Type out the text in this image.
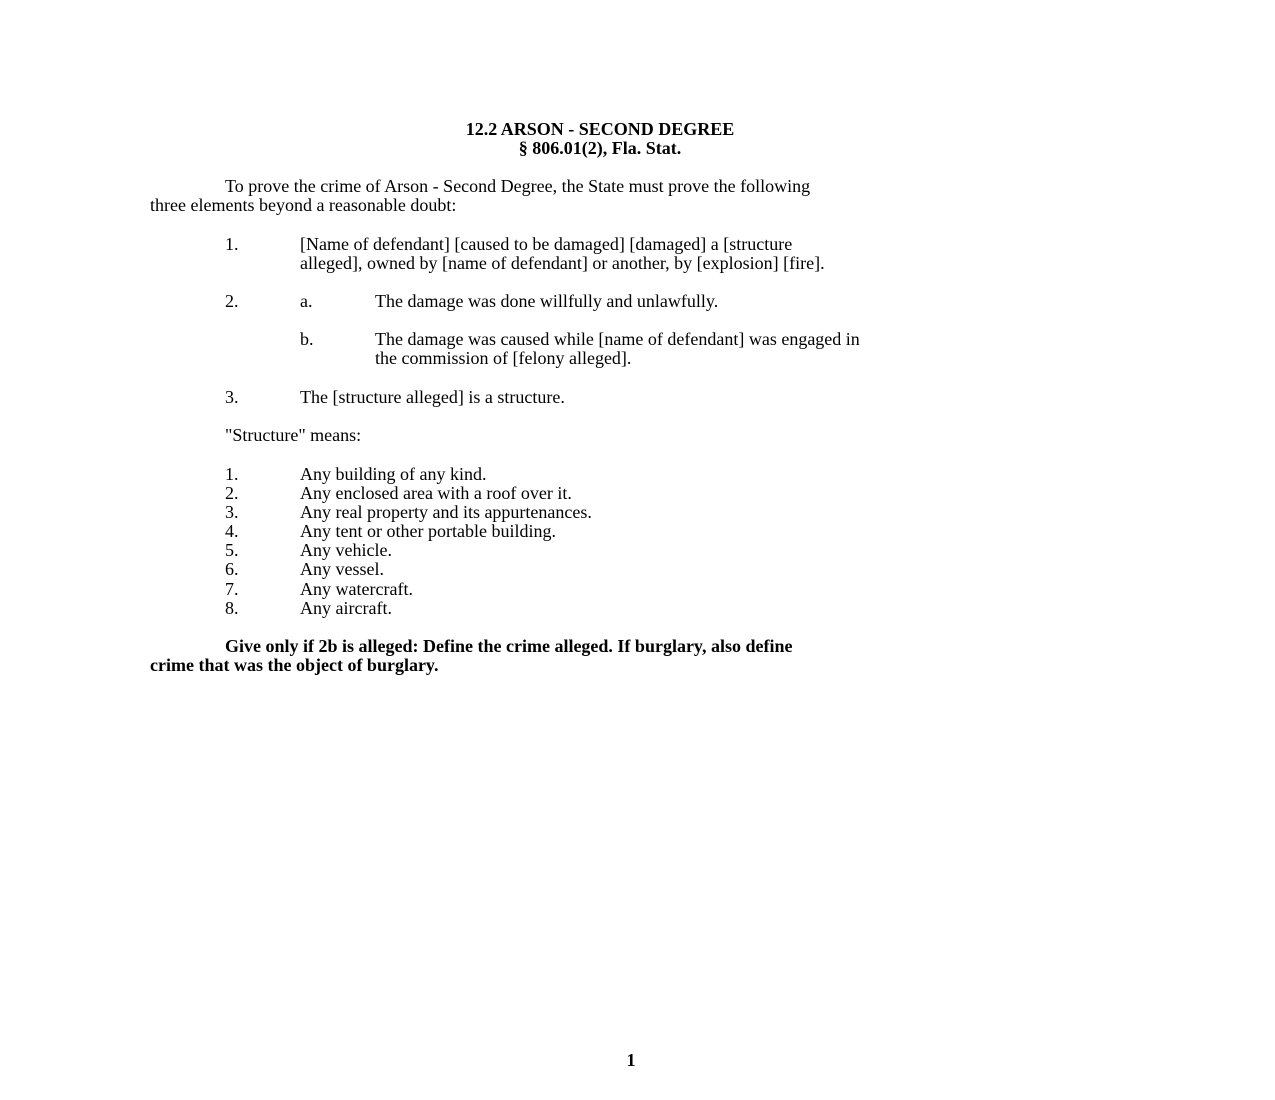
12.2 ARSON - SECOND DEGREE
§ 806.01(2), Fla. Stat.
To prove the crime of Arson - Second Degree, the State must prove the following
three elements beyond a reasonable doubt:
1.	[Name of defendant] [caused to be damaged] [damaged] a [structure
alleged], owned by [name of defendant] or another, by [explosion] [fire].
2.	a.	The damage was done willfully and unlawfully.
b.	The damage was caused while [name of defendant] was engaged in
the commission of [felony alleged].
3.	The [structure alleged] is a structure.
"Structure" means:
1.	Any building of any kind.
2.	Any enclosed area with a roof over it.
3.	Any real property and its appurtenances.
4.	Any tent or other portable building.
5.	Any vehicle.
6.	Any vessel.
7.	Any watercraft.
8.	Any aircraft.
Give only if 2b is alleged: Define the crime alleged. If burglary, also define
crime that was the object of burglary.
1
